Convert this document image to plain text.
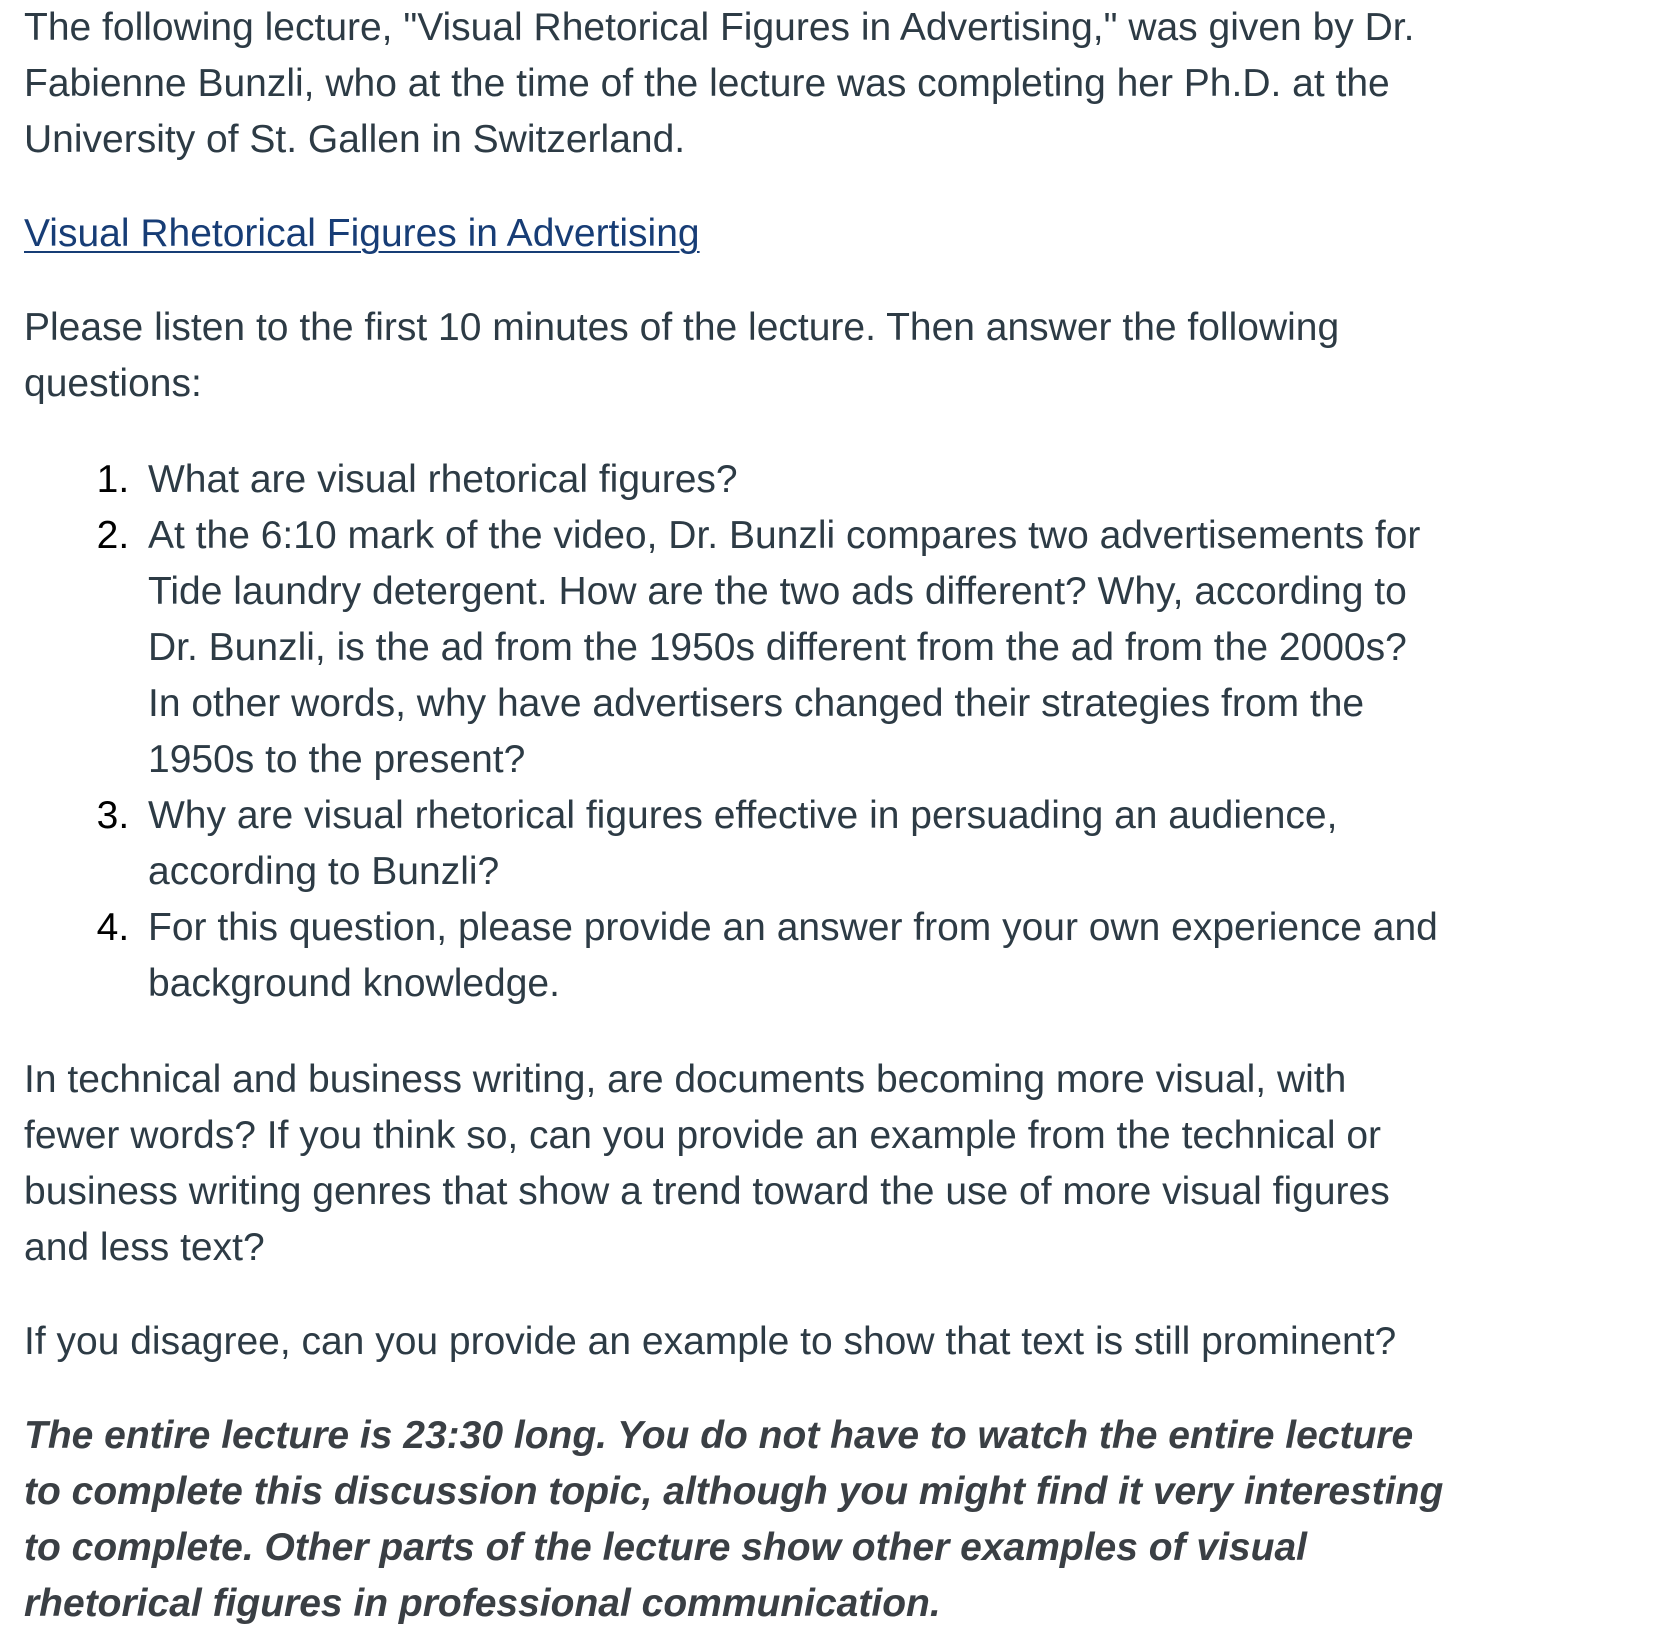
The following lecture, "Visual Rhetorical Figures in Advertising," was given by Dr. Fabienne Bunzli, who at the time of the lecture was completing her Ph.D. at the University of St. Gallen in Switzerland.

Visual Rhetorical Figures in Advertising

Please listen to the first 10 minutes of the lecture. Then answer the following questions:

1. What are visual rhetorical figures?
2. At the 6:10 mark of the video, Dr. Bunzli compares two advertisements for Tide laundry detergent. How are the two ads different? Why, according to Dr. Bunzli, is the ad from the 1950s different from the ad from the 2000s? In other words, why have advertisers changed their strategies from the 1950s to the present?
3. Why are visual rhetorical figures effective in persuading an audience, according to Bunzli?
4. For this question, please provide an answer from your own experience and background knowledge.

In technical and business writing, are documents becoming more visual, with fewer words? If you think so, can you provide an example from the technical or business writing genres that show a trend toward the use of more visual figures and less text?

If you disagree, can you provide an example to show that text is still prominent?

The entire lecture is 23:30 long. You do not have to watch the entire lecture to complete this discussion topic, although you might find it very interesting to complete. Other parts of the lecture show other examples of visual rhetorical figures in professional communication.
